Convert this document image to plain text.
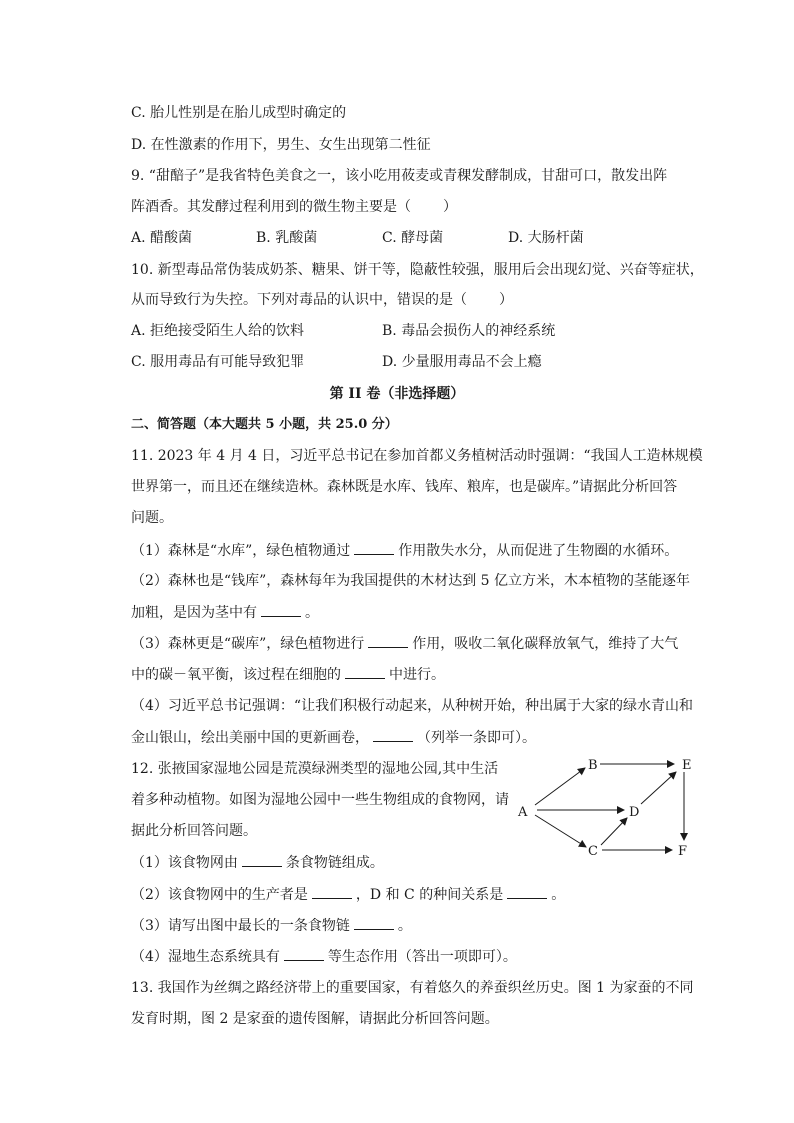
C. 胎儿性别是在胎儿成型时确定的
D. 在性激素的作用下，男生、女生出现第二性征
9. “甜醅子”是我省特色美食之一，该小吃用莜麦或青稞发酵制成，甘甜可口，散发出阵
阵酒香。其发酵过程利用到的微生物主要是（ ）
A. 醋酸菌	B. 乳酸菌	C. 酵母菌	D. 大肠杆菌
10. 新型毒品常伪装成奶茶、糖果、饼干等，隐蔽性较强，服用后会出现幻觉、兴奋等症状，
从而导致行为失控。下列对毒品的认识中，错误的是（ ）
A. 拒绝接受陌生人给的饮料	B. 毒品会损伤人的神经系统
C. 服用毒品有可能导致犯罪	D. 少量服用毒品不会上瘾
第 II 卷（非选择题）
二、简答题（本大题共 5 小题，共 25.0 分）
11. 2023 年 4 月 4 日，习近平总书记在参加首都义务植树活动时强调：“我国人工造林规模
世界第一，而且还在继续造林。森林既是水库、钱库、粮库，也是碳库。”请据此分析回答
问题。
（1）森林是“水库”，绿色植物通过	作用散失水分，从而促进了生物圈的水循环。
（2）森林也是“钱库”，森林每年为我国提供的木材达到 5 亿立方米，木本植物的茎能逐年
加粗，是因为茎中有	。
（3）森林更是“碳库”，绿色植物进行	作用，吸收二氧化碳释放氧气，维持了大气
中的碳－氧平衡，该过程在细胞的	中进行。
（4）习近平总书记强调：“让我们积极行动起来，从种树开始，种出属于大家的绿水青山和
金山银山，绘出美丽中国的更新画卷，	（列举一条即可）。
12. 张掖国家湿地公园是荒漠绿洲类型的湿地公园,其中生活
着多种动植物。如图为湿地公园中一些生物组成的食物网，请
据此分析回答问题。
（1）该食物网由	条食物链组成。
（2）该食物网中的生产者是	，D 和 C 的种间关系是	。
（3）请写出图中最长的一条食物链	。
（4）湿地生态系统具有	等生态作用（答出一项即可）。
A
B	E
D
C	F
13. 我国作为丝绸之路经济带上的重要国家，有着悠久的养蚕织丝历史。图 1 为家蚕的不同
发育时期，图 2 是家蚕的遗传图解，请据此分析回答问题。
